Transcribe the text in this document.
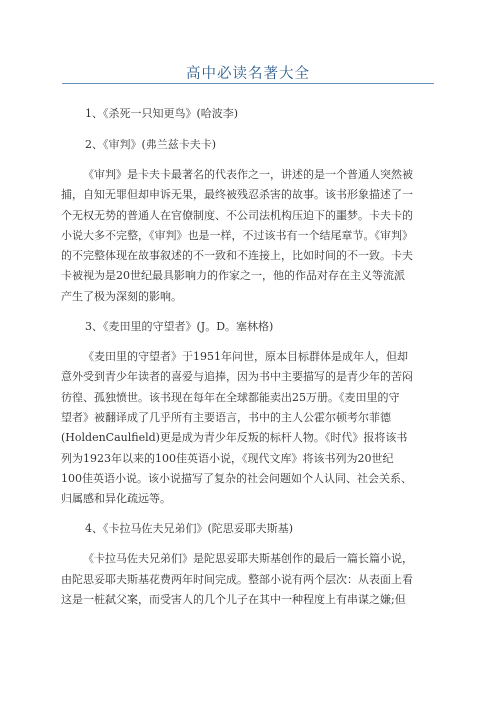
高中必读名著大全

1、《杀死一只知更鸟》(哈波李)

2、《审判》(弗兰兹卡夫卡)

《审判》是卡夫卡最著名的代表作之一，讲述的是一个普通人突然被
捕，自知无罪但却申诉无果，最终被残忍杀害的故事。该书形象描述了一
个无权无势的普通人在官僚制度、不公司法机构压迫下的噩梦。卡夫卡的
小说大多不完整，《审判》也是一样，不过该书有一个结尾章节。《审判》
的不完整体现在故事叙述的不一致和不连接上，比如时间的不一致。卡夫
卡被视为是20世纪最具影响力的作家之一，他的作品对存在主义等流派
产生了极为深刻的影响。

3、《麦田里的守望者》(J。D。塞林格)

《麦田里的守望者》于1951年问世，原本目标群体是成年人，但却
意外受到青少年读者的喜爱与追捧，因为书中主要描写的是青少年的苦闷
彷徨、孤独愤世。该书现在每年在全球都能卖出25万册。《麦田里的守
望者》被翻译成了几乎所有主要语言，书中的主人公霍尔顿考尔菲德
(HoldenCaulfield)更是成为青少年反叛的标杆人物。《时代》报将该书
列为1923年以来的100佳英语小说，《现代文库》将该书列为20世纪
100佳英语小说。该小说描写了复杂的社会问题如个人认同、社会关系、
归属感和异化疏远等。

4、《卡拉马佐夫兄弟们》(陀思妥耶夫斯基)

《卡拉马佐夫兄弟们》是陀思妥耶夫斯基创作的最后一篇长篇小说，
由陀思妥耶夫斯基花费两年时间完成。整部小说有两个层次：从表面上看
这是一桩弑父案，而受害人的几个儿子在其中一种程度上有串谋之嫌;但
